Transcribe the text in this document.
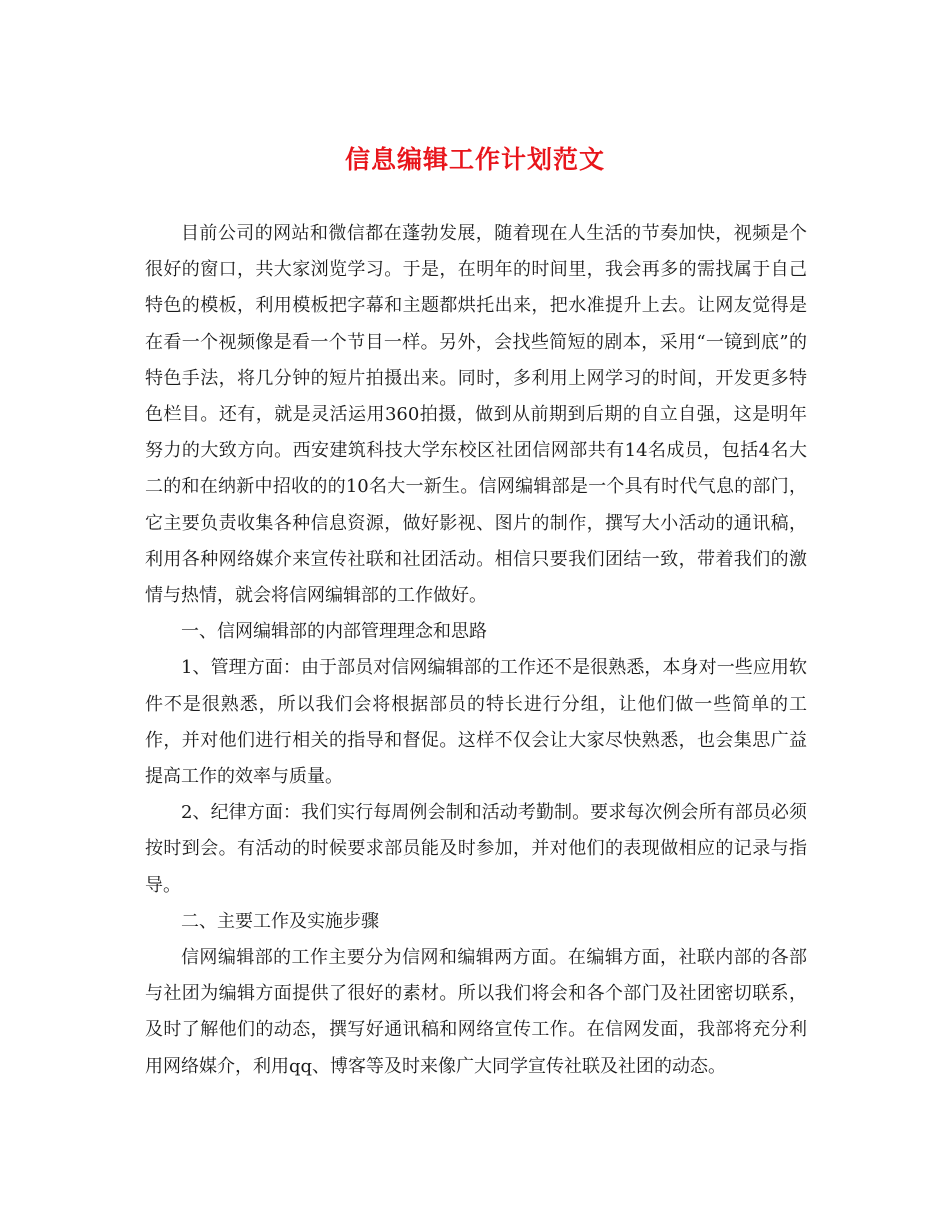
信息编辑工作计划范文

目前公司的网站和微信都在蓬勃发展，随着现在人生活的节奏加快，视频是个很好的窗口，共大家浏览学习。于是，在明年的时间里，我会再多的需找属于自己特色的模板，利用模板把字幕和主题都烘托出来，把水准提升上去。让网友觉得是在看一个视频像是看一个节目一样。另外，会找些简短的剧本，采用“一镜到底”的特色手法，将几分钟的短片拍摄出来。同时，多利用上网学习的时间，开发更多特色栏目。还有，就是灵活运用360拍摄，做到从前期到后期的自立自强，这是明年努力的大致方向。西安建筑科技大学东校区社团信网部共有14名成员，包括4名大二的和在纳新中招收的的10名大一新生。信网编辑部是一个具有时代气息的部门，它主要负责收集各种信息资源，做好影视、图片的制作，撰写大小活动的通讯稿，利用各种网络媒介来宣传社联和社团活动。相信只要我们团结一致，带着我们的激情与热情，就会将信网编辑部的工作做好。

一、信网编辑部的内部管理理念和思路

1、管理方面：由于部员对信网编辑部的工作还不是很熟悉，本身对一些应用软件不是很熟悉，所以我们会将根据部员的特长进行分组，让他们做一些简单的工作，并对他们进行相关的指导和督促。这样不仅会让大家尽快熟悉，也会集思广益提高工作的效率与质量。

2、纪律方面：我们实行每周例会制和活动考勤制。要求每次例会所有部员必须按时到会。有活动的时候要求部员能及时参加，并对他们的表现做相应的记录与指导。

二、主要工作及实施步骤

信网编辑部的工作主要分为信网和编辑两方面。在编辑方面，社联内部的各部与社团为编辑方面提供了很好的素材。所以我们将会和各个部门及社团密切联系，及时了解他们的动态，撰写好通讯稿和网络宣传工作。在信网发面，我部将充分利用网络媒介，利用qq、博客等及时来像广大同学宣传社联及社团的动态。
